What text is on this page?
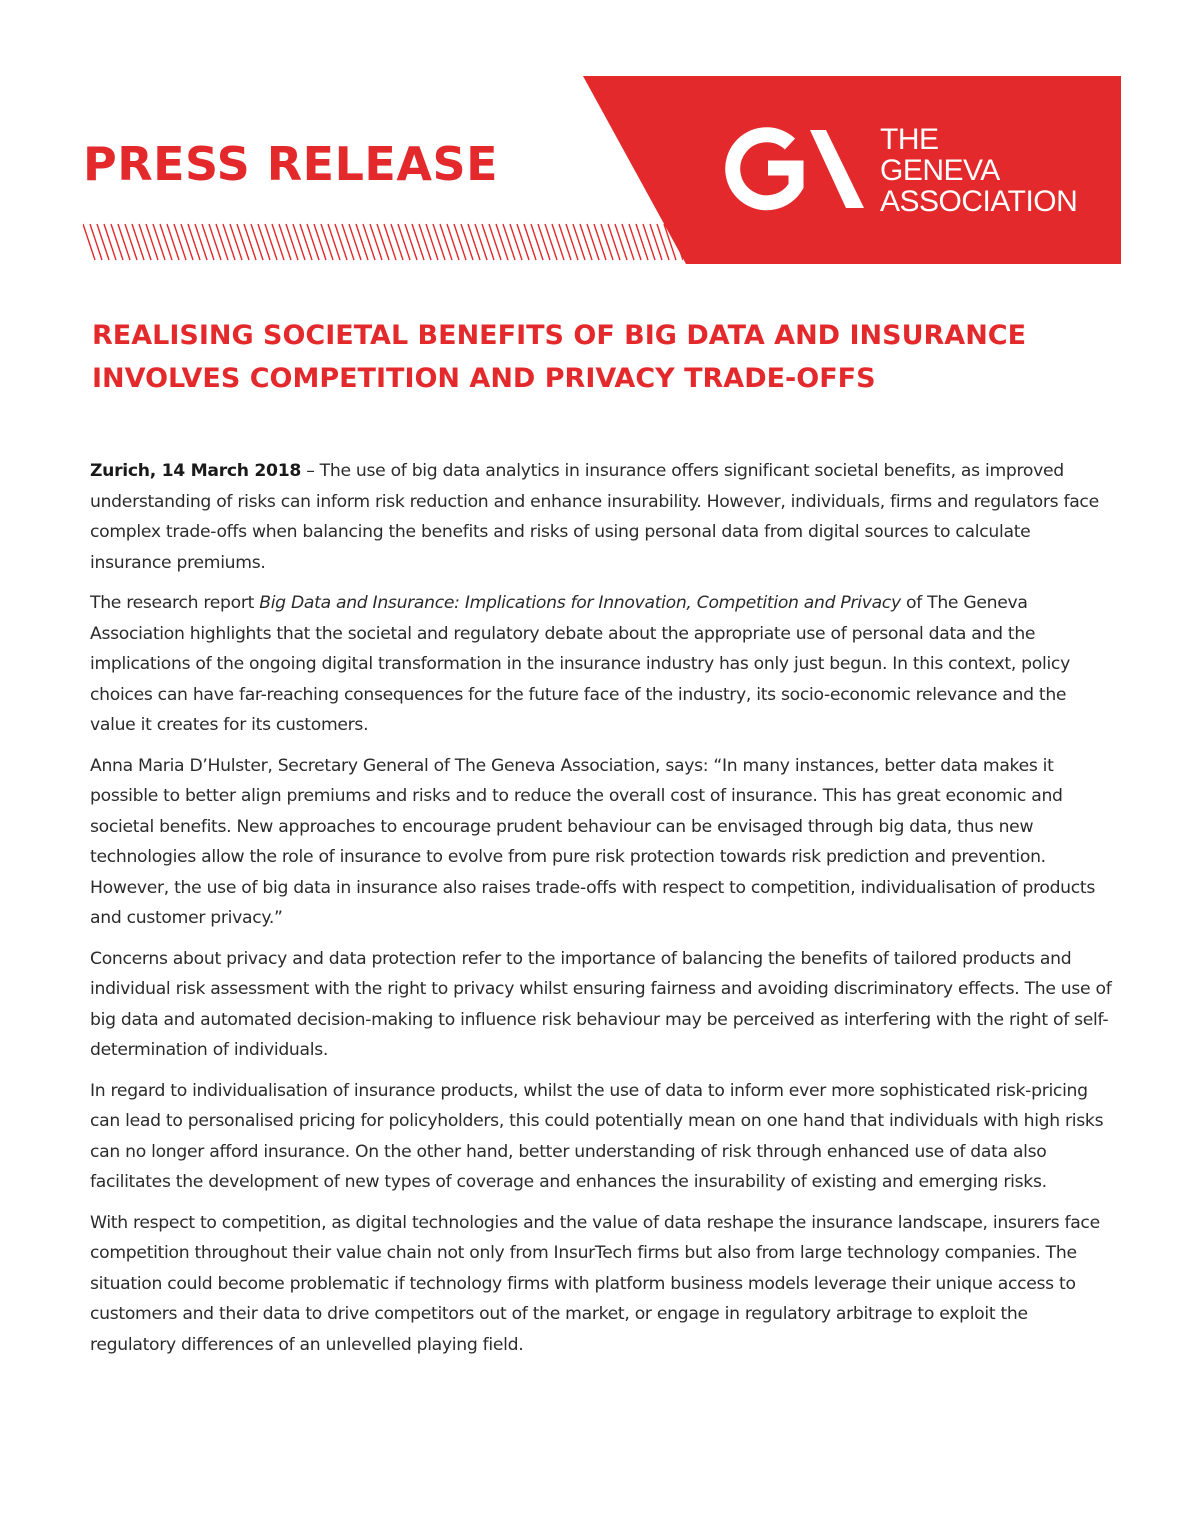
PRESS RELEASE	THE
GENEVA
ASSOCIATION
REALISING SOCIETAL BENEFITS OF BIG DATA AND INSURANCE
INVOLVES COMPETITION AND PRIVACY TRADE-OFFS

Zurich, 14 March 2018 – The use of big data analytics in insurance offers significant societal benefits, as improved understanding of risks can inform risk reduction and enhance insurability. However, individuals, firms and regulators face complex trade-offs when balancing the benefits and risks of using personal data from digital sources to calculate insurance premiums.

The research report Big Data and Insurance: Implications for Innovation, Competition and Privacy of The Geneva Association highlights that the societal and regulatory debate about the appropriate use of personal data and the implications of the ongoing digital transformation in the insurance industry has only just begun. In this context, policy choices can have far-reaching consequences for the future face of the industry, its socio-economic relevance and the value it creates for its customers.

Anna Maria D’Hulster, Secretary General of The Geneva Association, says: “In many instances, better data makes it possible to better align premiums and risks and to reduce the overall cost of insurance. This has great economic and societal benefits. New approaches to encourage prudent behaviour can be envisaged through big data, thus new technologies allow the role of insurance to evolve from pure risk protection towards risk prediction and prevention. However, the use of big data in insurance also raises trade-offs with respect to competition, individualisation of products and customer privacy.”

Concerns about privacy and data protection refer to the importance of balancing the benefits of tailored products and individual risk assessment with the right to privacy whilst ensuring fairness and avoiding discriminatory effects. The use of big data and automated decision-making to influence risk behaviour may be perceived as interfering with the right of self-determination of individuals.

In regard to individualisation of insurance products, whilst the use of data to inform ever more sophisticated risk-pricing can lead to personalised pricing for policyholders, this could potentially mean on one hand that individuals with high risks can no longer afford insurance. On the other hand, better understanding of risk through enhanced use of data also facilitates the development of new types of coverage and enhances the insurability of existing and emerging risks.

With respect to competition, as digital technologies and the value of data reshape the insurance landscape, insurers face competition throughout their value chain not only from InsurTech firms but also from large technology companies. The situation could become problematic if technology firms with platform business models leverage their unique access to customers and their data to drive competitors out of the market, or engage in regulatory arbitrage to exploit the regulatory differences of an unlevelled playing field.
